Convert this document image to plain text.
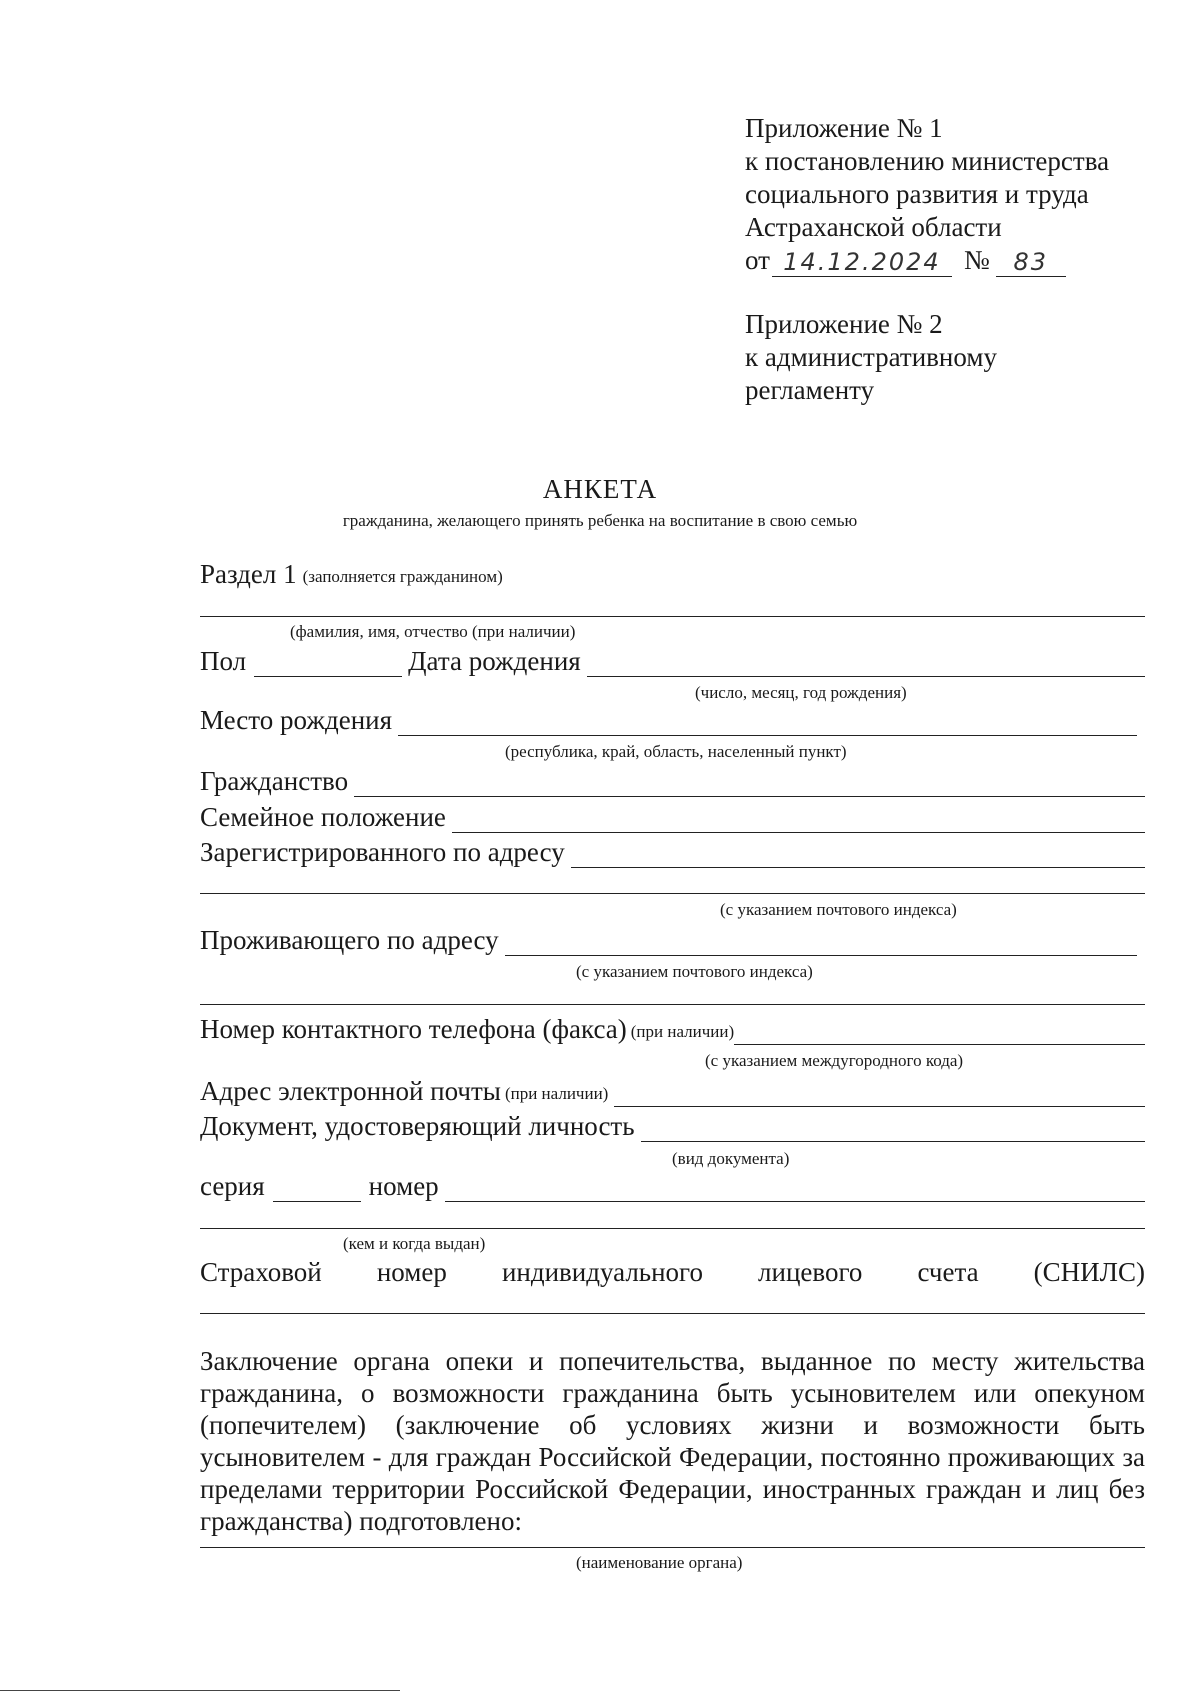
Приложение № 1
к постановлению министерства
социального развития и труда
Астраханской области
от 14.12.2024 № 83
Приложение № 2
к административному
регламенту
АНКЕТА
гражданина, желающего принять ребенка на воспитание в свою семью
Раздел 1 (заполняется гражданином)
(фамилия, имя, отчество (при наличии)
Пол	Дата рождения
(число, месяц, год рождения)
Место рождения
(республика, край, область, населенный пункт)
Гражданство
Семейное положение
Зарегистрированного по адресу
(с указанием почтового индекса)
Проживающего по адресу
(с указанием почтового индекса)
Номер контактного телефона (факса) (при наличии)
(с указанием междугородного кода)
Адрес электронной почты (при наличии)
Документ, удостоверяющий личность
(вид документа)
серия	номер
(кем и когда выдан)
Страховой номер индивидуального лицевого счета (СНИЛС)
Заключение органа опеки и попечительства, выданное по месту жительства гражданина, о возможности гражданина быть усыновителем или опекуном (попечителем) (заключение об условиях жизни и возможности быть усыновителем - для граждан Российской Федерации, постоянно проживающих за пределами территории Российской Федерации, иностранных граждан и лиц без гражданства) подготовлено:
(наименование органа)
